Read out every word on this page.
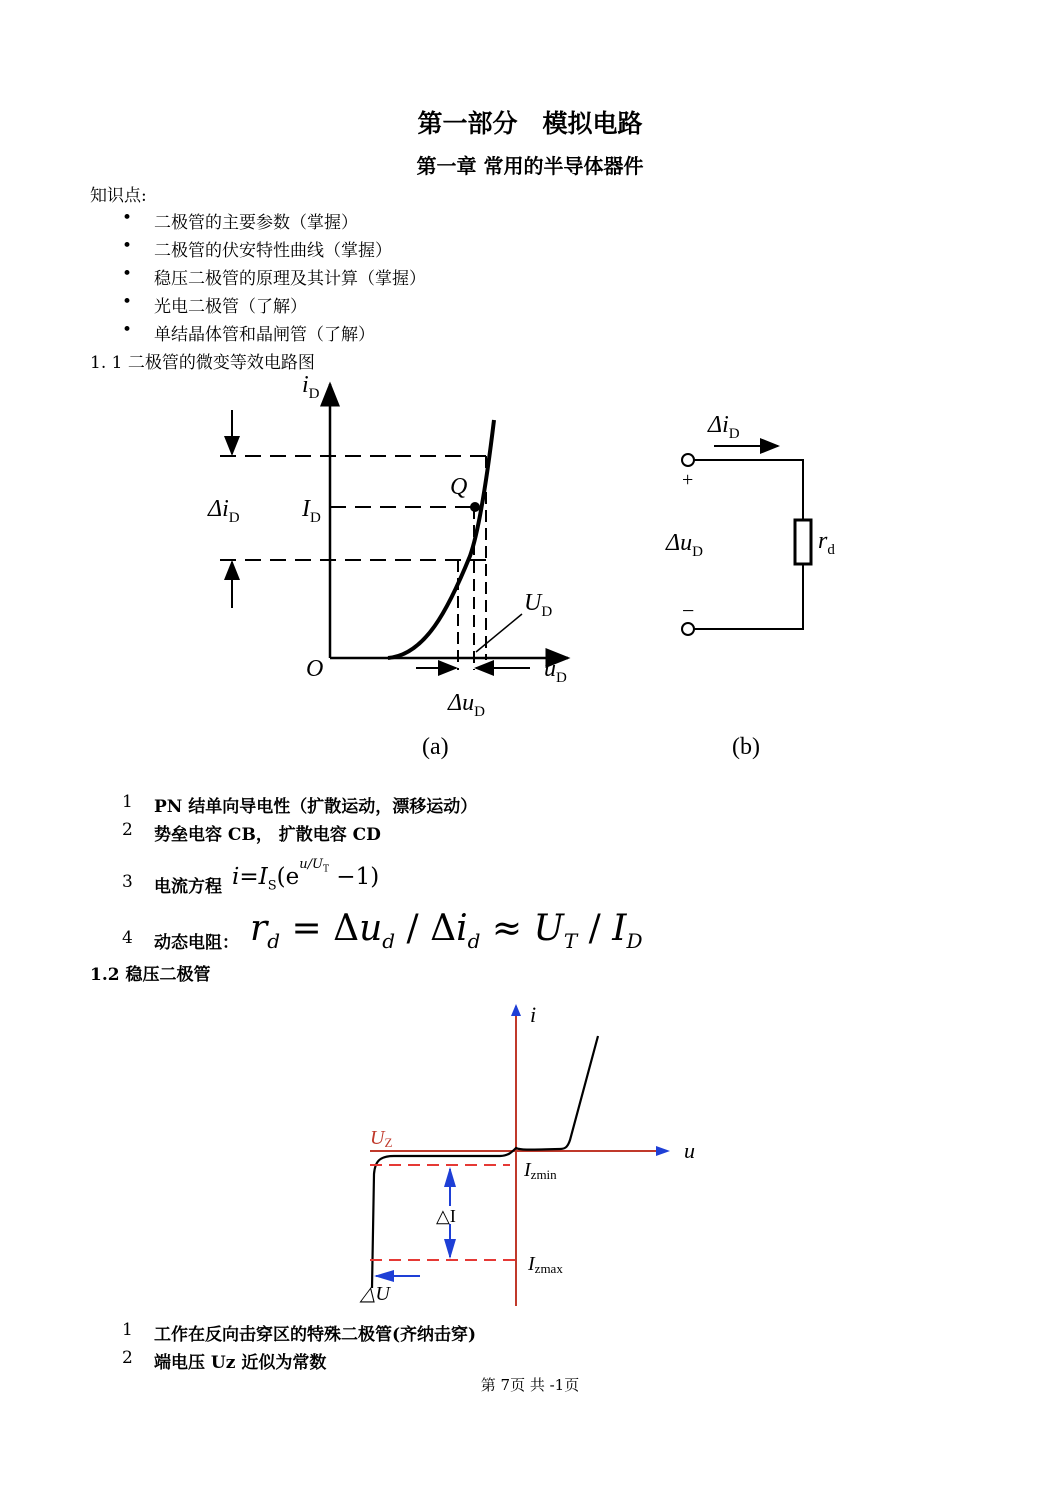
第一部分　模拟电路
第一章 常用的半导体器件
知识点:
• 二极管的主要参数（掌握）
• 二极管的伏安特性曲线（掌握）
• 稳压二极管的原理及其计算（掌握）
• 光电二极管（了解）
• 单结晶体管和晶闸管（了解）
1. 1 二极管的微变等效电路图
$i_D$
$u_D$
O
Q
$I_D$
$\Delta i_D$
$U_D$
$\Delta u_D$
(a)
$\Delta i_D$
+
−
$\Delta u_D$	$r_d$
(b)
1 PN 结单向导电性（扩散运动，漂移运动）
2 势垒电容 CB， 扩散电容 CD
3 电流方程 $i=I_S(e^{u/U_T} -1)$
4 动态电阻： $r_d = \Delta u_d / \Delta i_d \approx U_T / I_D$
1.2 稳压二极管
i
u
UZ
Izmin
Izmax
△I
△U
1 工作在反向击穿区的特殊二极管(齐纳击穿)
2 端电压 Uz 近似为常数
第 7页 共 -1页
